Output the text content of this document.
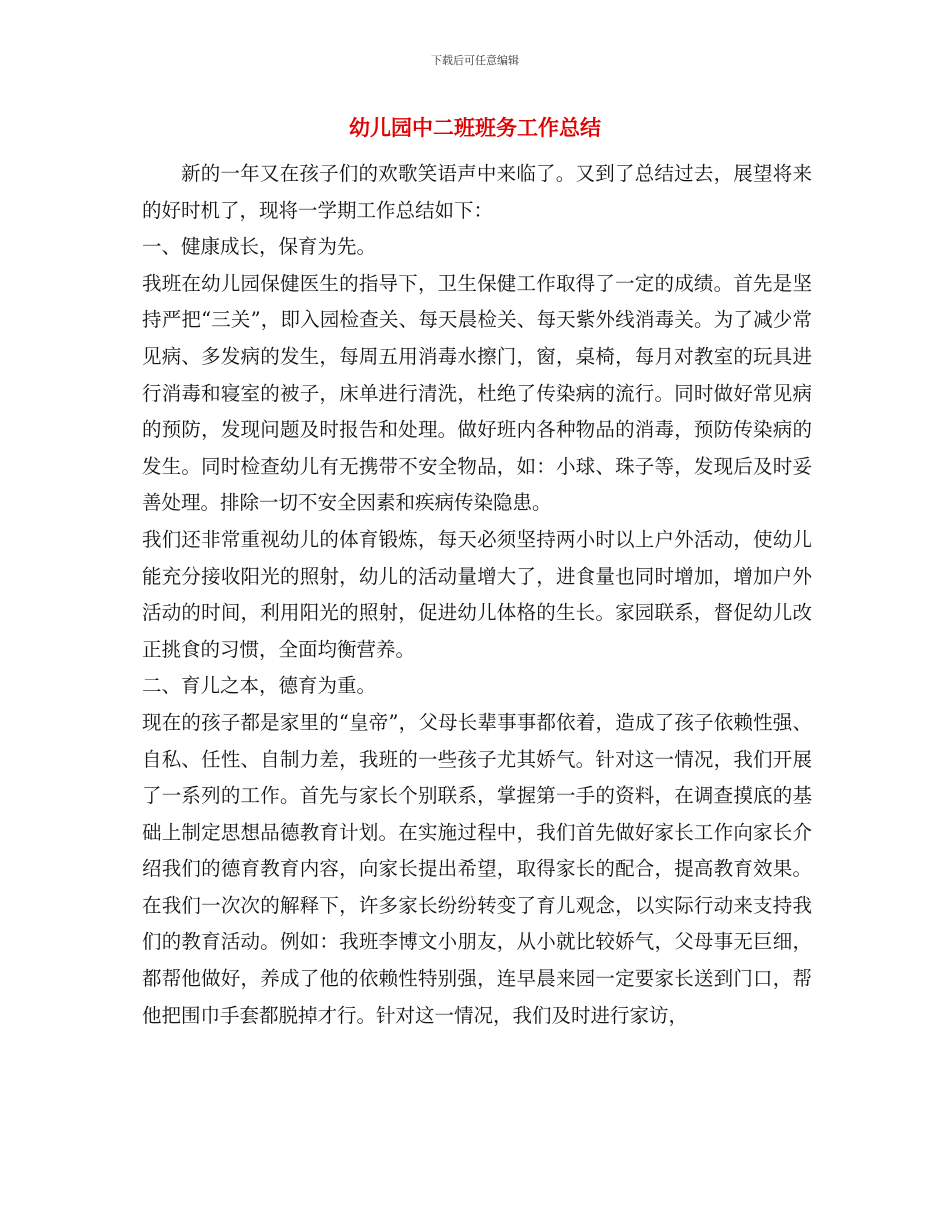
下载后可任意编辑
幼儿园中二班班务工作总结

新的一年又在孩子们的欢歌笑语声中来临了。又到了总结过去，展望将来的好时机了，现将一学期工作总结如下：

一、健康成长，保育为先。

我班在幼儿园保健医生的指导下，卫生保健工作取得了一定的成绩。首先是坚持严把“三关”，即入园检查关、每天晨检关、每天紫外线消毒关。为了减少常见病、多发病的发生，每周五用消毒水擦门，窗，桌椅，每月对教室的玩具进行消毒和寝室的被子，床单进行清洗，杜绝了传染病的流行。同时做好常见病的预防，发现问题及时报告和处理。做好班内各种物品的消毒，预防传染病的发生。同时检查幼儿有无携带不安全物品，如：小球、珠子等，发现后及时妥善处理。排除一切不安全因素和疾病传染隐患。

我们还非常重视幼儿的体育锻炼，每天必须坚持两小时以上户外活动，使幼儿能充分接收阳光的照射，幼儿的活动量增大了，进食量也同时增加，增加户外活动的时间，利用阳光的照射，促进幼儿体格的生长。家园联系，督促幼儿改正挑食的习惯，全面均衡营养。

二、育儿之本，德育为重。

现在的孩子都是家里的“皇帝”，父母长辈事事都依着，造成了孩子依赖性强、自私、任性、自制力差，我班的一些孩子尤其娇气。针对这一情况，我们开展了一系列的工作。首先与家长个别联系，掌握第一手的资料，在调查摸底的基础上制定思想品德教育计划。在实施过程中，我们首先做好家长工作向家长介绍我们的德育教育内容，向家长提出希望，取得家长的配合，提高教育效果。在我们一次次的解释下，许多家长纷纷转变了育儿观念，以实际行动来支持我们的教育活动。例如：我班李博文小朋友，从小就比较娇气，父母事无巨细，都帮他做好，养成了他的依赖性特别强，连早晨来园一定要家长送到门口，帮他把围巾手套都脱掉才行。针对这一情况，我们及时进行家访，
